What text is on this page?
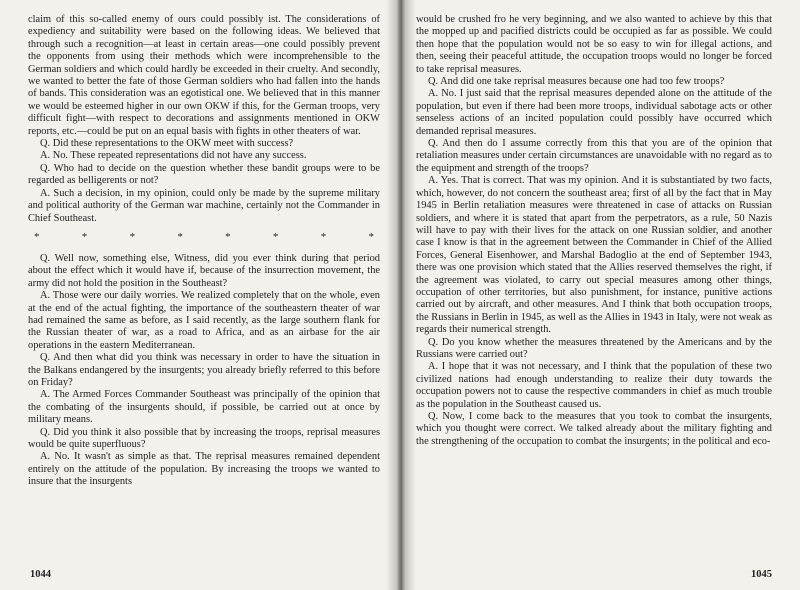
claim of this so-called enemy of ours could possibly ist. The considerations of expediency and suitability were based on the following ideas. We believed that through such a recognition—at least in certain areas—one could possibly prevent the opponents from using their methods which were incomprehensible to the German soldiers and which could hardly be exceeded in their cruelty. And secondly, we wanted to better the fate of those German soldiers who had fallen into the hands of bands. This consideration was an egotistical one. We believed that in this manner we would be esteemed higher in our own OKW if this, for the German troops, very difficult fight—with respect to decorations and assignments mentioned in OKW reports, etc.—could be put on an equal basis with fights in other theaters of war.

Q. Did these representations to the OKW meet with success?

A. No. These repeated representations did not have any success.

Q. Who had to decide on the question whether these bandit groups were to be regarded as belligerents or not?

A. Such a decision, in my opinion, could only be made by the supreme military and political authority of the German war machine, certainly not the Commander in Chief Southeast.

*	*	*	*	*	*	*	*

Q. Well now, something else, Witness, did you ever think during that period about the effect which it would have if, because of the insurrection movement, the army did not hold the position in the Southeast?

A. Those were our daily worries. We realized completely that on the whole, even at the end of the actual fighting, the importance of the southeastern theater of war had remained the same as before, as I said recently, as the large southern flank for the Russian theater of war, as a road to Africa, and as an airbase for the air operations in the eastern Mediterranean.

Q. And then what did you think was necessary in order to have the situation in the Balkans endangered by the insurgents; you already briefly referred to this before on Friday?

A. The Armed Forces Commander Southeast was principally of the opinion that the combating of the insurgents should, if possible, be carried out at once by military means.

Q. Did you think it also possible that by increasing the troops, reprisal measures would be quite superfluous?

A. No. It wasn't as simple as that. The reprisal measures remained dependent entirely on the attitude of the population. By increasing the troops we wanted to insure that the insurgents

1044

would be crushed fro he very beginning, and we also wanted to achieve by this that the mopped up and pacified districts could be occupied as far as possible. We could then hope that the population would not be so easy to win for illegal actions, and then, seeing their peaceful attitude, the occupation troops would no longer be forced to take reprisal measures.

Q. And did one take reprisal measures because one had too few troops?

A. No. I just said that the reprisal measures depended alone on the attitude of the population, but even if there had been more troops, individual sabotage acts or other senseless actions of an incited population could possibly have occurred which demanded reprisal measures.

Q. And then do I assume correctly from this that you are of the opinion that retaliation measures under certain circumstances are unavoidable with no regard as to the equipment and strength of the troops?

A. Yes. That is correct. That was my opinion. And it is substantiated by two facts, which, however, do not concern the southeast area; first of all by the fact that in May 1945 in Berlin retaliation measures were threatened in case of attacks on Russian soldiers, and where it is stated that apart from the perpetrators, as a rule, 50 Nazis will have to pay with their lives for the attack on one Russian soldier, and another case I know is that in the agreement between the Commander in Chief of the Allied Forces, General Eisenhower, and Marshal Badoglio at the end of September 1943, there was one provision which stated that the Allies reserved themselves the right, if the agreement was violated, to carry out special measures among other things, occupation of other territories, but also punishment, for instance, punitive actions carried out by aircraft, and other measures. And I think that both occupation troops, the Russians in Berlin in 1945, as well as the Allies in 1943 in Italy, were not weak as regards their numerical strength.

Q. Do you know whether the measures threatened by the Americans and by the Russians were carried out?

A. I hope that it was not necessary, and I think that the population of these two civilized nations had enough understanding to realize their duty towards the occupation powers not to cause the respective commanders in chief as much trouble as the population in the Southeast caused us.

Q. Now, I come back to the measures that you took to combat the insurgents, which you thought were correct. We talked already about the military fighting and the strengthening of the occupation to combat the insurgents; in the political and eco-

1045
